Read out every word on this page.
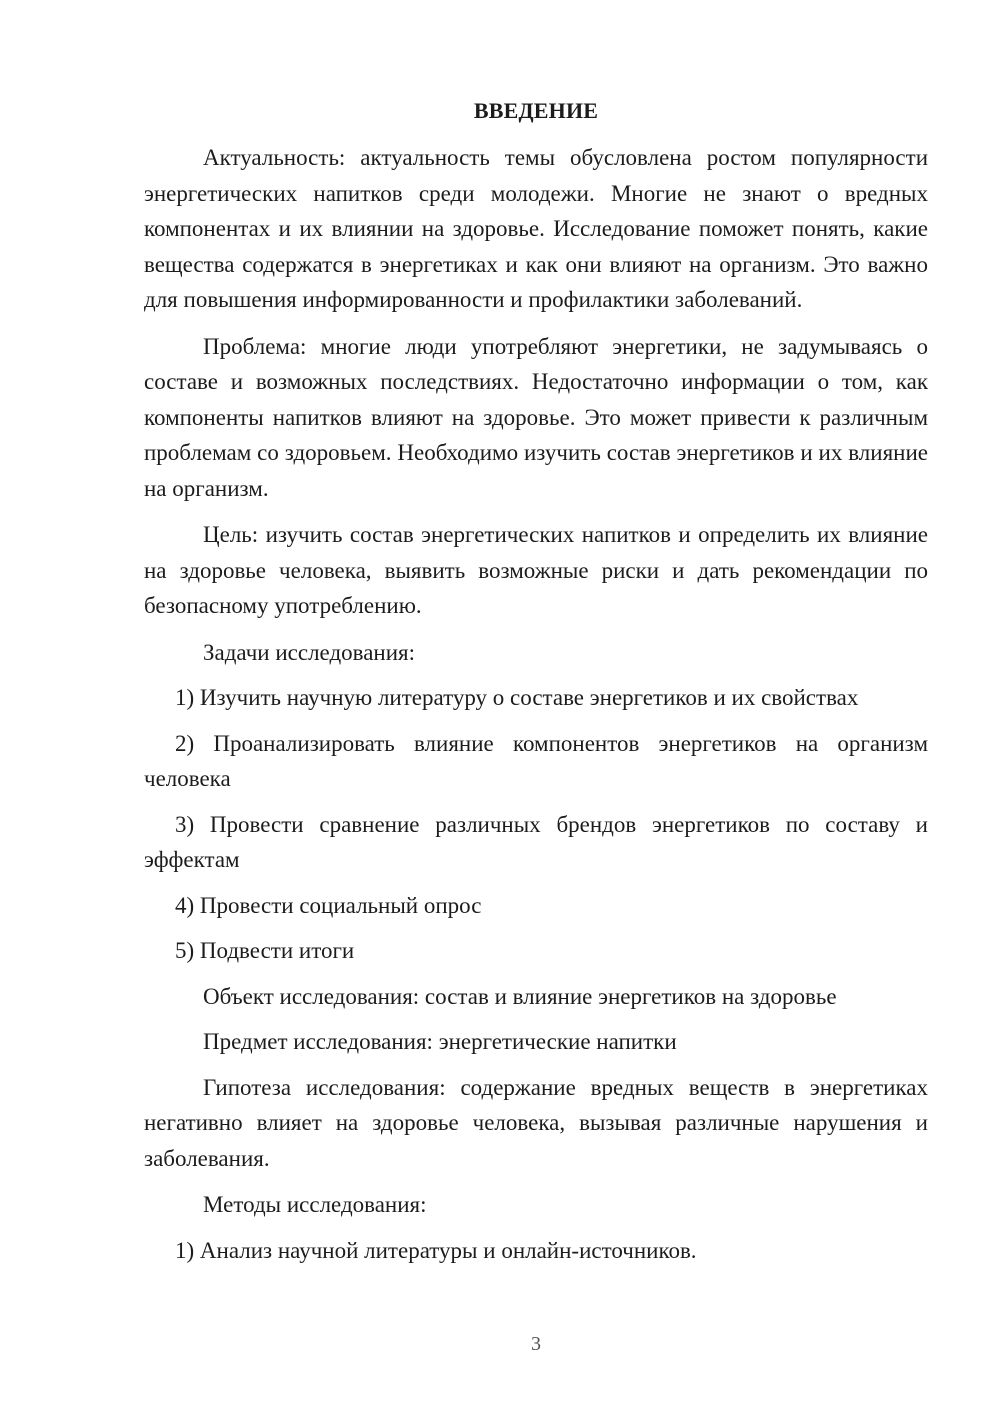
ВВЕДЕНИЕ

Актуальность: актуальность темы обусловлена ростом популярности энергетических напитков среди молодежи. Многие не знают о вредных компонентах и их влиянии на здоровье. Исследование поможет понять, какие вещества содержатся в энергетиках и как они влияют на организм. Это важно для повышения информированности и профилактики заболеваний.

Проблема: многие люди употребляют энергетики, не задумываясь о составе и возможных последствиях. Недостаточно информации о том, как компоненты напитков влияют на здоровье. Это может привести к различным проблемам со здоровьем. Необходимо изучить состав энергетиков и их влияние на организм.

Цель: изучить состав энергетических напитков и определить их влияние на здоровье человека, выявить возможные риски и дать рекомендации по безопасному употреблению.

Задачи исследования:

1) Изучить научную литературу о составе энергетиков и их свойствах

2) Проанализировать влияние компонентов энергетиков на организм человека

3) Провести сравнение различных брендов энергетиков по составу и эффектам

4) Провести социальный опрос

5) Подвести итоги

Объект исследования: состав и влияние энергетиков на здоровье

Предмет исследования: энергетические напитки

Гипотеза исследования: содержание вредных веществ в энергетиках негативно влияет на здоровье человека, вызывая различные нарушения и заболевания.

Методы исследования:

1) Анализ научной литературы и онлайн-источников.

3
